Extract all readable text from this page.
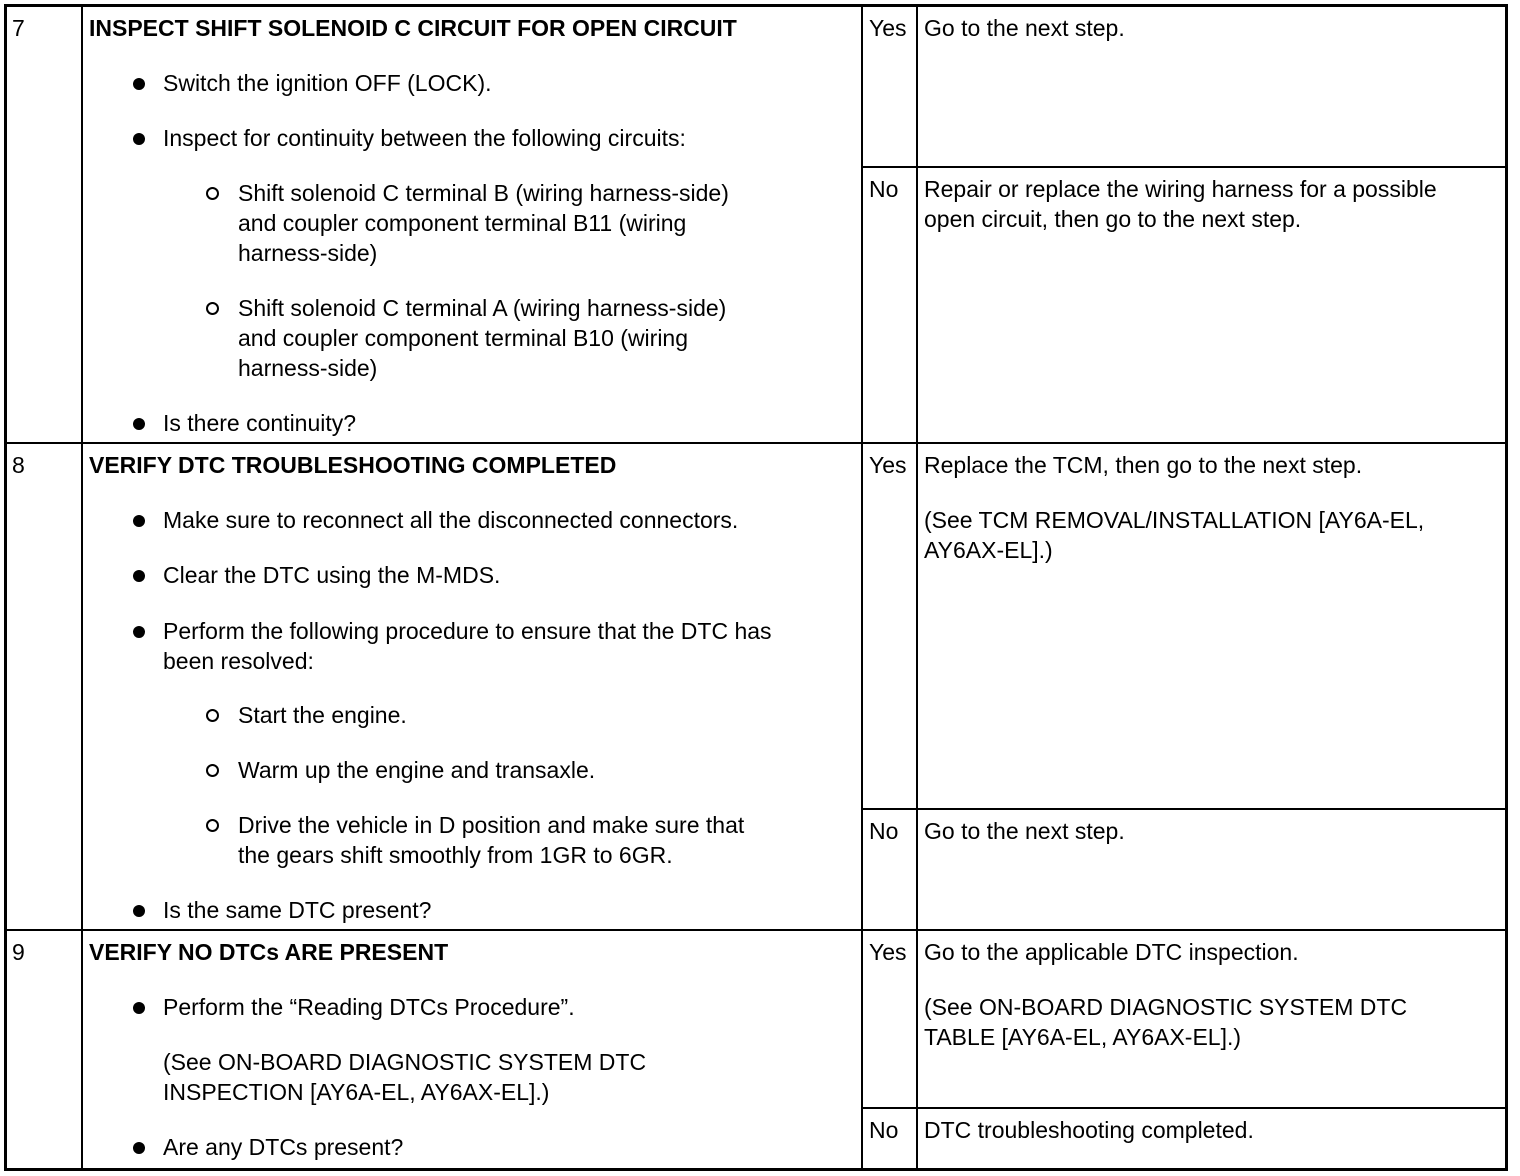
7	INSPECT SHIFT SOLENOID C CIRCUIT FOR OPEN CIRCUIT
Switch the ignition OFF (LOCK).
Inspect for continuity between the following circuits:
Shift solenoid C terminal B (wiring harness-side)
and coupler component terminal B11 (wiring
harness-side)
Shift solenoid C terminal A (wiring harness-side)
and coupler component terminal B10 (wiring
harness-side)
Is there continuity?
Yes Go to the next step.
No Repair or replace the wiring harness for a possible
open circuit, then go to the next step.
8	VERIFY DTC TROUBLESHOOTING COMPLETED
Make sure to reconnect all the disconnected connectors.
Clear the DTC using the M-MDS.
Perform the following procedure to ensure that the DTC has
been resolved:
Start the engine.
Warm up the engine and transaxle.
Drive the vehicle in D position and make sure that
the gears shift smoothly from 1GR to 6GR.
Is the same DTC present?
Yes Replace the TCM, then go to the next step.
(See TCM REMOVAL/INSTALLATION [AY6A-EL,
AY6AX-EL].)
No Go to the next step.
9	VERIFY NO DTCs ARE PRESENT
Perform the “Reading DTCs Procedure”.
(See ON-BOARD DIAGNOSTIC SYSTEM DTC
INSPECTION [AY6A-EL, AY6AX-EL].)
Are any DTCs present?
Yes Go to the applicable DTC inspection.
(See ON-BOARD DIAGNOSTIC SYSTEM DTC
TABLE [AY6A-EL, AY6AX-EL].)
No DTC troubleshooting completed.
